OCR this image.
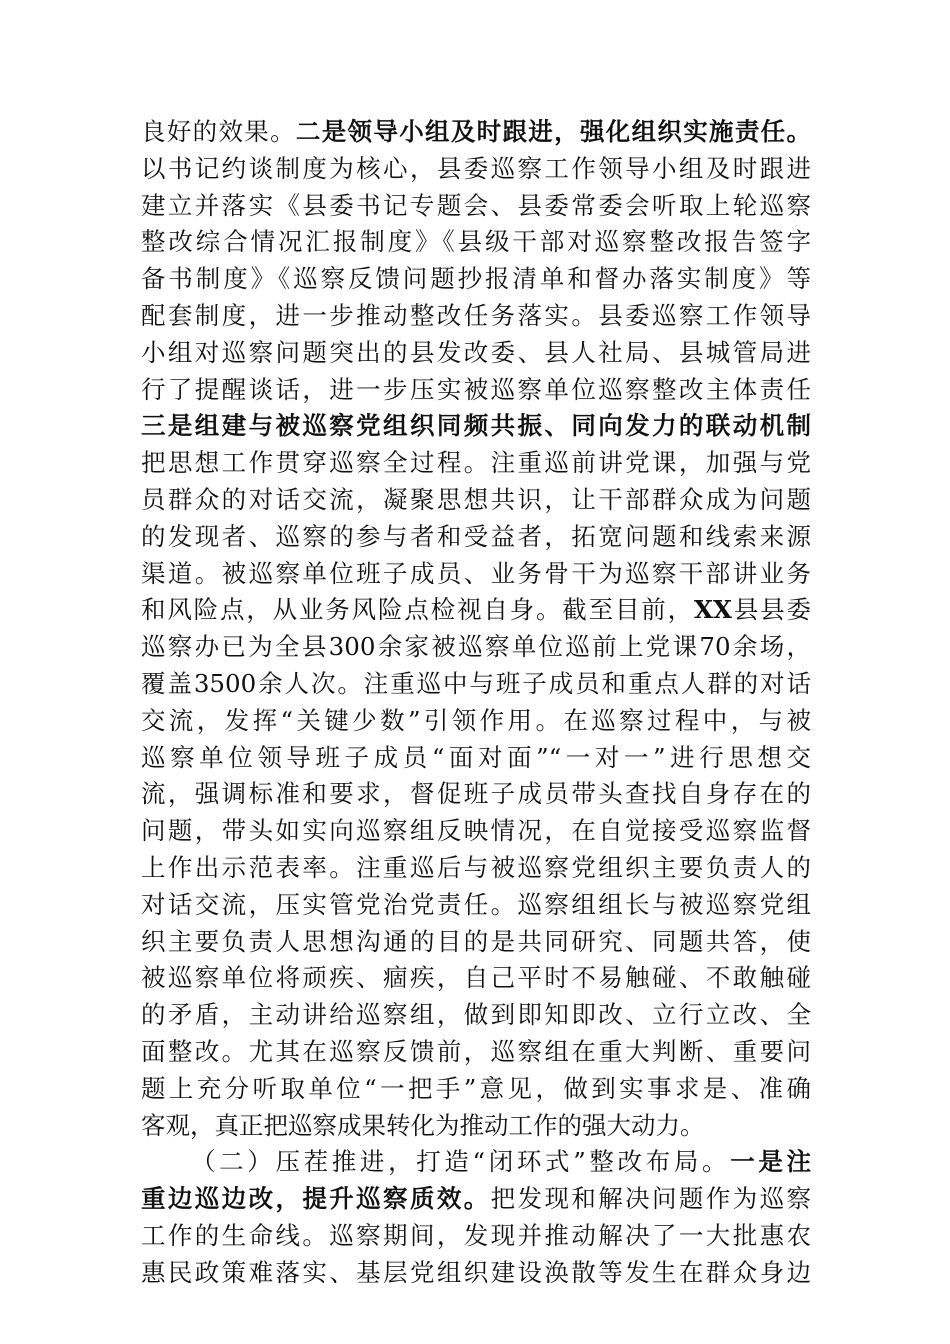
良好的效果。二是领导小组及时跟进，强化组织实施责任。
以书记约谈制度为核心，县委巡察工作领导小组及时跟进
建立并落实《县委书记专题会、县委常委会听取上轮巡察
整改综合情况汇报制度》《县级干部对巡察整改报告签字
备书制度》《巡察反馈问题抄报清单和督办落实制度》等
配套制度，进一步推动整改任务落实。县委巡察工作领导
小组对巡察问题突出的县发改委、县人社局、县城管局进
行了提醒谈话，进一步压实被巡察单位巡察整改主体责任
三是组建与被巡察党组织同频共振、同向发力的联动机制
把思想工作贯穿巡察全过程。注重巡前讲党课，加强与党
员群众的对话交流，凝聚思想共识，让干部群众成为问题
的发现者、巡察的参与者和受益者，拓宽问题和线索来源
渠道。被巡察单位班子成员、业务骨干为巡察干部讲业务
和风险点，从业务风险点检视自身。截至目前，XX县县委
巡察办已为全县300余家被巡察单位巡前上党课70余场，
覆盖3500余人次。注重巡中与班子成员和重点人群的对话
交流，发挥“关键少数”引领作用。在巡察过程中，与被
巡察单位领导班子成员“面对面”“一对一”进行思想交
流，强调标准和要求，督促班子成员带头查找自身存在的
问题，带头如实向巡察组反映情况，在自觉接受巡察监督
上作出示范表率。注重巡后与被巡察党组织主要负责人的
对话交流，压实管党治党责任。巡察组组长与被巡察党组
织主要负责人思想沟通的目的是共同研究、同题共答，使
被巡察单位将顽疾、痼疾，自己平时不易触碰、不敢触碰
的矛盾，主动讲给巡察组，做到即知即改、立行立改、全
面整改。尤其在巡察反馈前，巡察组在重大判断、重要问
题上充分听取单位“一把手”意见，做到实事求是、准确
客观，真正把巡察成果转化为推动工作的强大动力。
（二）压茬推进，打造“闭环式”整改布局。一是注
重边巡边改，提升巡察质效。把发现和解决问题作为巡察
工作的生命线。巡察期间，发现并推动解决了一大批惠农
惠民政策难落实、基层党组织建设涣散等发生在群众身边
